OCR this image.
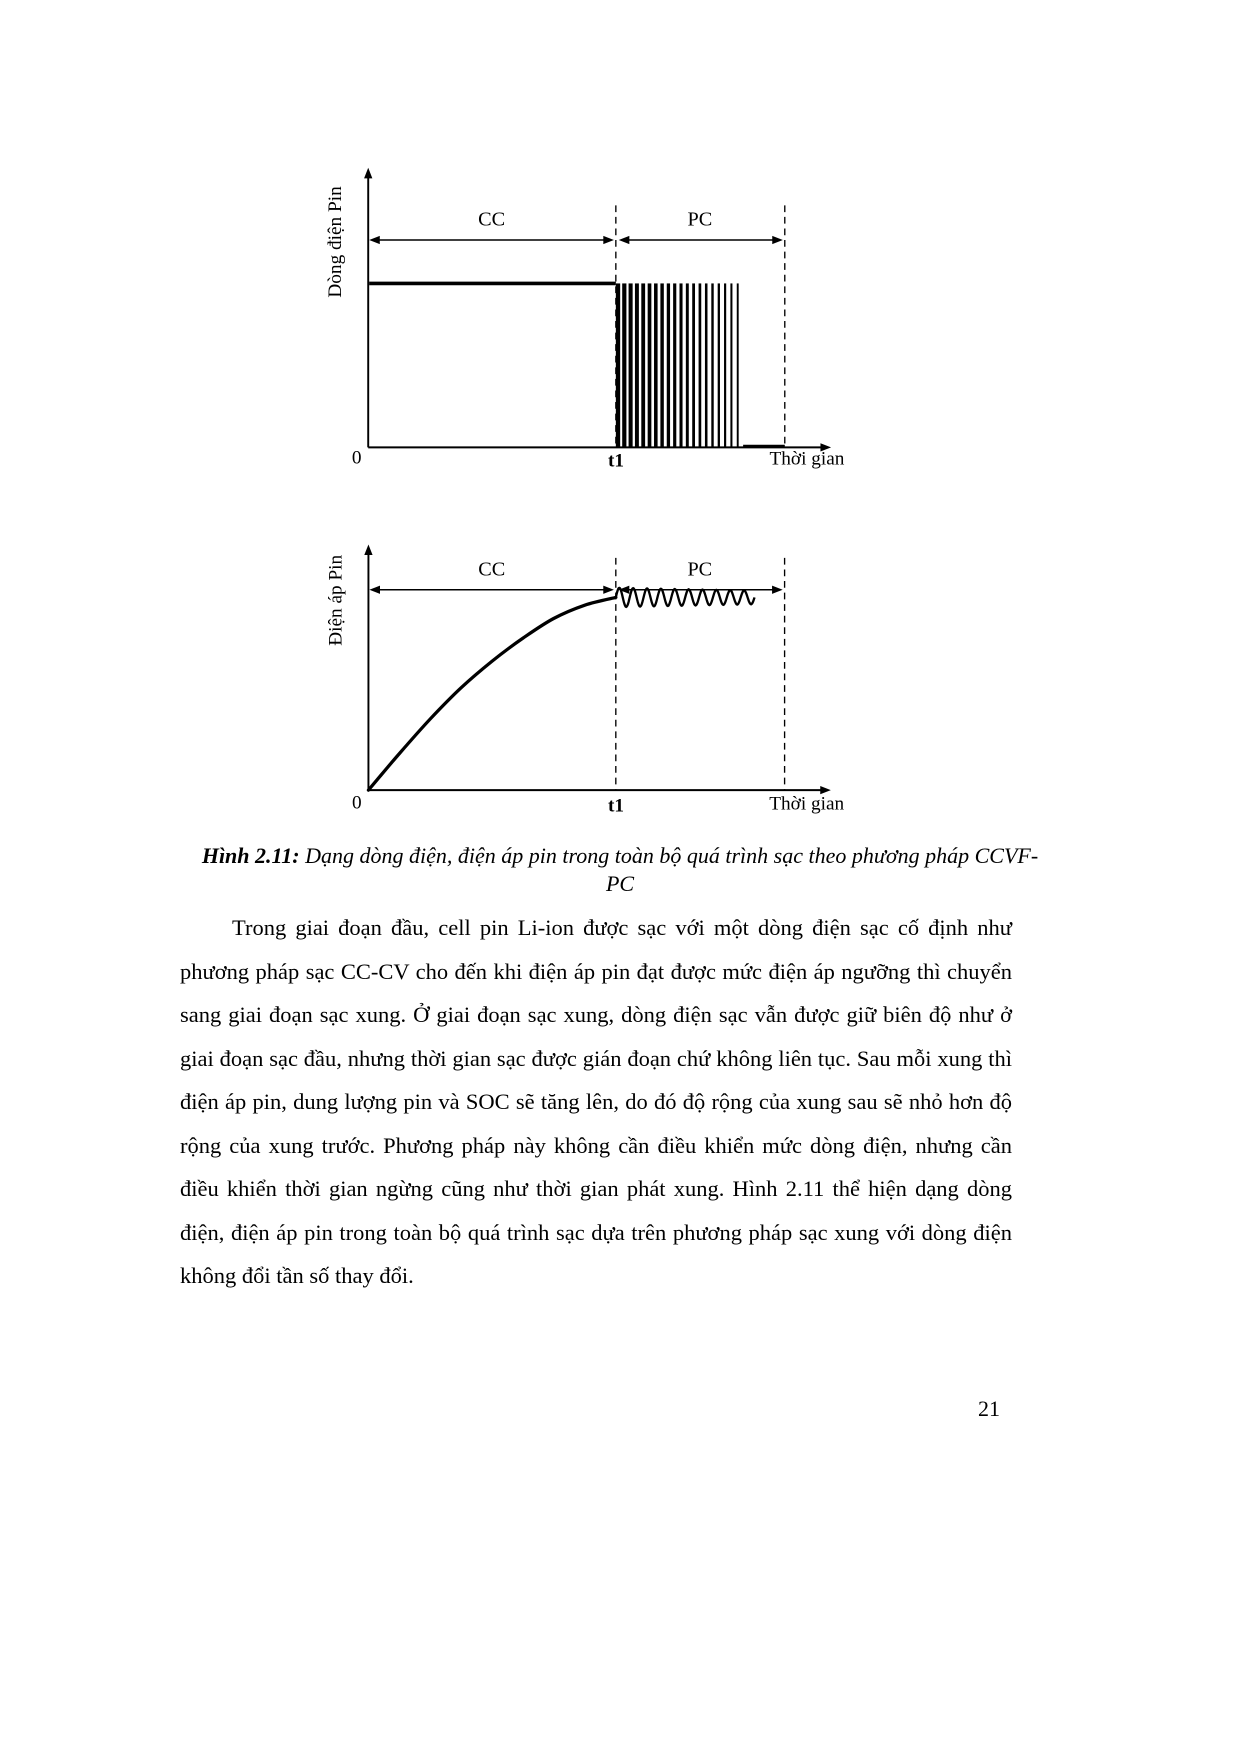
Dòng điện Pin	CC	PC
0	t1	Thời gian
Điện áp Pin	CC	PC
0	t1	Thời gian

Hình 2.11: Dạng dòng điện, điện áp pin trong toàn bộ quá trình sạc theo phương pháp CCVF-PC

Trong giai đoạn đầu, cell pin Li-ion được sạc với một dòng điện sạc cố định như phương pháp sạc CC-CV cho đến khi điện áp pin đạt được mức điện áp ngưỡng thì chuyển sang giai đoạn sạc xung. Ở giai đoạn sạc xung, dòng điện sạc vẫn được giữ biên độ như ở giai đoạn sạc đầu, nhưng thời gian sạc được gián đoạn chứ không liên tục. Sau mỗi xung thì điện áp pin, dung lượng pin và SOC sẽ tăng lên, do đó độ rộng của xung sau sẽ nhỏ hơn độ rộng của xung trước. Phương pháp này không cần điều khiển mức dòng điện, nhưng cần điều khiển thời gian ngừng cũng như thời gian phát xung. Hình 2.11 thể hiện dạng dòng điện, điện áp pin trong toàn bộ quá trình sạc dựa trên phương pháp sạc xung với dòng điện không đổi tần số thay đổi.

21
